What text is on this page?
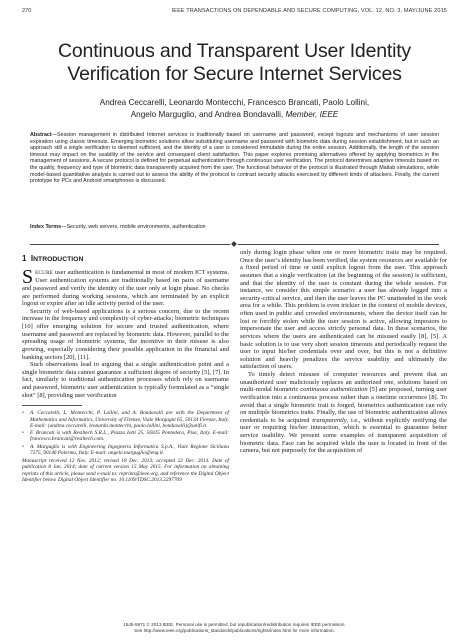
270	IEEE TRANSACTIONS ON DEPENDABLE AND SECURE COMPUTING, VOL. 12, NO. 3, MAY/JUNE 2015
Continuous and Transparent User Identity
Verification for Secure Internet Services
Andrea Ceccarelli, Leonardo Montecchi, Francesco Brancati, Paolo Lollini,
Angelo Marguglio, and Andrea Bondavalli, Member, IEEE
Abstract—Session management in distributed Internet services is traditionally based on username and password, except logouts and mechanisms of user session expiration using classic timeouts. Emerging biometric solutions allow substituting username and password with biometric data during session establishment, but in such an approach still a single verification is deemed sufficient, and the identity of a user is considered immutable during the entire session. Additionally, the length of the session timeout may impact on the usability of the service and consequent client satisfaction. This paper explores promising alternatives offered by applying biometrics in the management of sessions. A secure protocol is defined for perpetual authentication through continuous user verification. The protocol determines adaptive timeouts based on the quality, frequency and type of biometric data transparently acquired from the user. The functional behavior of the protocol is illustrated through Matlab simulations, while model-based quantitative analysis is carried out to assess the ability of the protocol to contrast security attacks exercised by different kinds of attackers. Finally, the current prototype for PCs and Android smartphones is discussed.
Index Terms—Security, web servers, mobile environments, authentication
1 INTRODUCTION

SECURE user authentication is fundamental in most of modern ICT systems. User authentication systems are traditionally based on pairs of username and password and verify the identity of the user only at login phase. No checks are performed during working sessions, which are terminated by an explicit logout or expire after an idle activity period of the user.

Security of web-based applications is a serious concern, due to the recent increase in the frequency and complexity of cyber-attacks; biometric techniques [10] offer emerging solution for secure and trusted authentication, where username and password are replaced by biometric data. However, parallel to the spreading usage of biometric systems, the incentive in their misuse is also growing, especially considering their possible application in the financial and banking sectors [20], [11].

Such observations lead to arguing that a single authentication point and a single biometric data cannot guarantee a sufficient degree of security [5], [7]. In fact, similarly to traditional authentication processes which rely on username and password, biometric user authentication is typically formulated as a “single shot” [8], providing user verification

• A. Ceccarelli, L. Montecchi, P. Lollini, and A. Bondavalli are with the Department of Mathematics and Informatics, University of Firenze, Viale Morgagni 65, 50134 Firenze, Italy. E-mail: {andrea.ceccarelli, leonardo.montecchi, paolo.lollini, bondavalli}@unifi.it.
• F. Brancati is with Resiltech S.R.L., Piazza Iotti 25, 56025 Pontedera, Pisa, Italy. E-mail: francesco.brancati@resiltech.com.
• A. Marguglio is with Engineering Ingegneria Informatica S.p.A., Viale Regione Siciliana 7275, 90146 Palermo, Italy. E-mail: angelo.marguglio@eng.it.
Manuscript received 12 Nov. 2012; revised 18 Dec. 2013; accepted 22 Dec. 2013. Date of publication 8 Jan. 2014; date of current version 15 May 2015. For information on obtaining reprints of this article, please send e-mail to: reprints@ieee.org, and reference the Digital Object Identifier below. Digital Object Identifier no. 10.1109/TDSC.2013.2297709

only during login phase when one or more biometric traits may be required. Once the user’s identity has been verified, the system resources are available for a fixed period of time or until explicit logout from the user. This approach assumes that a single verification (at the beginning of the session) is sufficient, and that the identity of the user is constant during the whole session. For instance, we consider this simple scenario: a user has already logged into a security-critical service, and then the user leaves the PC unattended in the work area for a while. This problem is even trickier in the context of mobile devices, often used in public and crowded environments, where the device itself can be lost or forcibly stolen while the user session is active, allowing impostors to impersonate the user and access strictly personal data. In these scenarios, the services where the users are authenticated can be misused easily [8], [5]. A basic solution is to use very short session timeouts and periodically request the user to input his/her credentials over and over, but this is not a definitive solution and heavily penalizes the service usability and ultimately the satisfaction of users.

To timely detect misuses of computer resources and prevent that an unauthorized user maliciously replaces an authorized one, solutions based on multi-modal biometric continuous authentication [5] are proposed, turning user verification into a continuous process rather than a onetime occurrence [8]. To avoid that a single biometric trait is forged, biometrics authentication can rely on multiple biometrics traits. Finally, the use of biometric authentication allows credentials to be acquired transparently, i.e., without explicitly notifying the user or requiring his/her interaction, which is essential to guarantee better service usability. We present some examples of transparent acquisition of biometric data. Face can be acquired while the user is located in front of the camera, but not purposely for the acquisition of

1545-5971 © 2013 IEEE. Personal use is permitted, but republication/redistribution requires IEEE permission.
See http://www.ieee.org/publications_standards/publications/rights/index.html for more information.
